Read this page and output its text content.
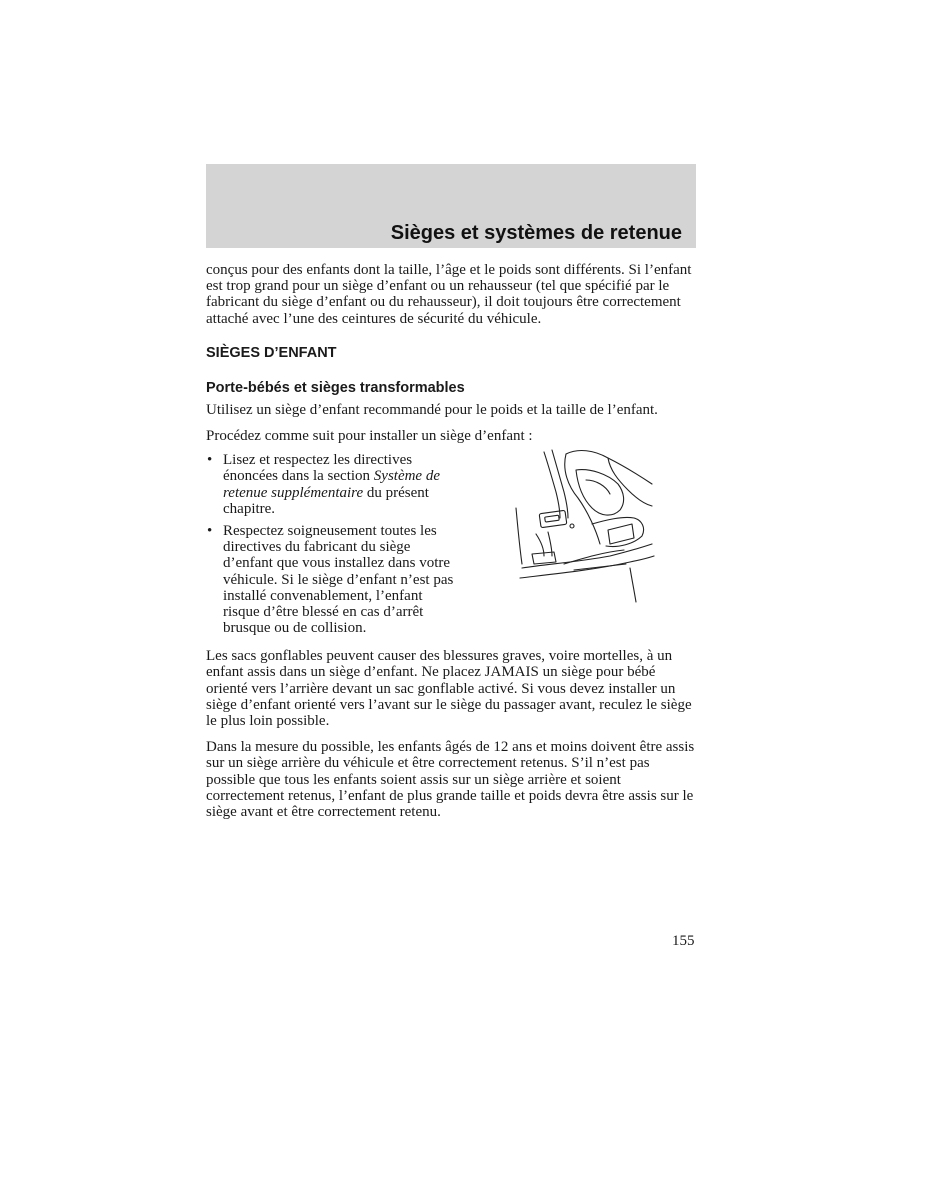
Sièges et systèmes de retenue

conçus pour des enfants dont la taille, l’âge et le poids sont différents. Si l’enfant est trop grand pour un siège d’enfant ou un rehausseur (tel que spécifié par le fabricant du siège d’enfant ou du rehausseur), il doit toujours être correctement attaché avec l’une des ceintures de sécurité du véhicule.

SIÈGES D’ENFANT
Porte-bébés et sièges transformables

Utilisez un siège d’enfant recommandé pour le poids et la taille de l’enfant.

Procédez comme suit pour installer un siège d’enfant :

• Lisez et respectez les directives énoncées dans la section Système de retenue supplémentaire du présent chapitre.
• Respectez soigneusement toutes les directives du fabricant du siège d’enfant que vous installez dans votre véhicule. Si le siège d’enfant n’est pas installé convenablement, l’enfant risque d’être blessé en cas d’arrêt brusque ou de collision.

Les sacs gonflables peuvent causer des blessures graves, voire mortelles, à un enfant assis dans un siège d’enfant. Ne placez JAMAIS un siège pour bébé orienté vers l’arrière devant un sac gonflable activé. Si vous devez installer un siège d’enfant orienté vers l’avant sur le siège du passager avant, reculez le siège le plus loin possible.

Dans la mesure du possible, les enfants âgés de 12 ans et moins doivent être assis sur un siège arrière du véhicule et être correctement retenus. S’il n’est pas possible que tous les enfants soient assis sur un siège arrière et soient correctement retenus, l’enfant de plus grande taille et poids devra être assis sur le siège avant et être correctement retenu.

155
